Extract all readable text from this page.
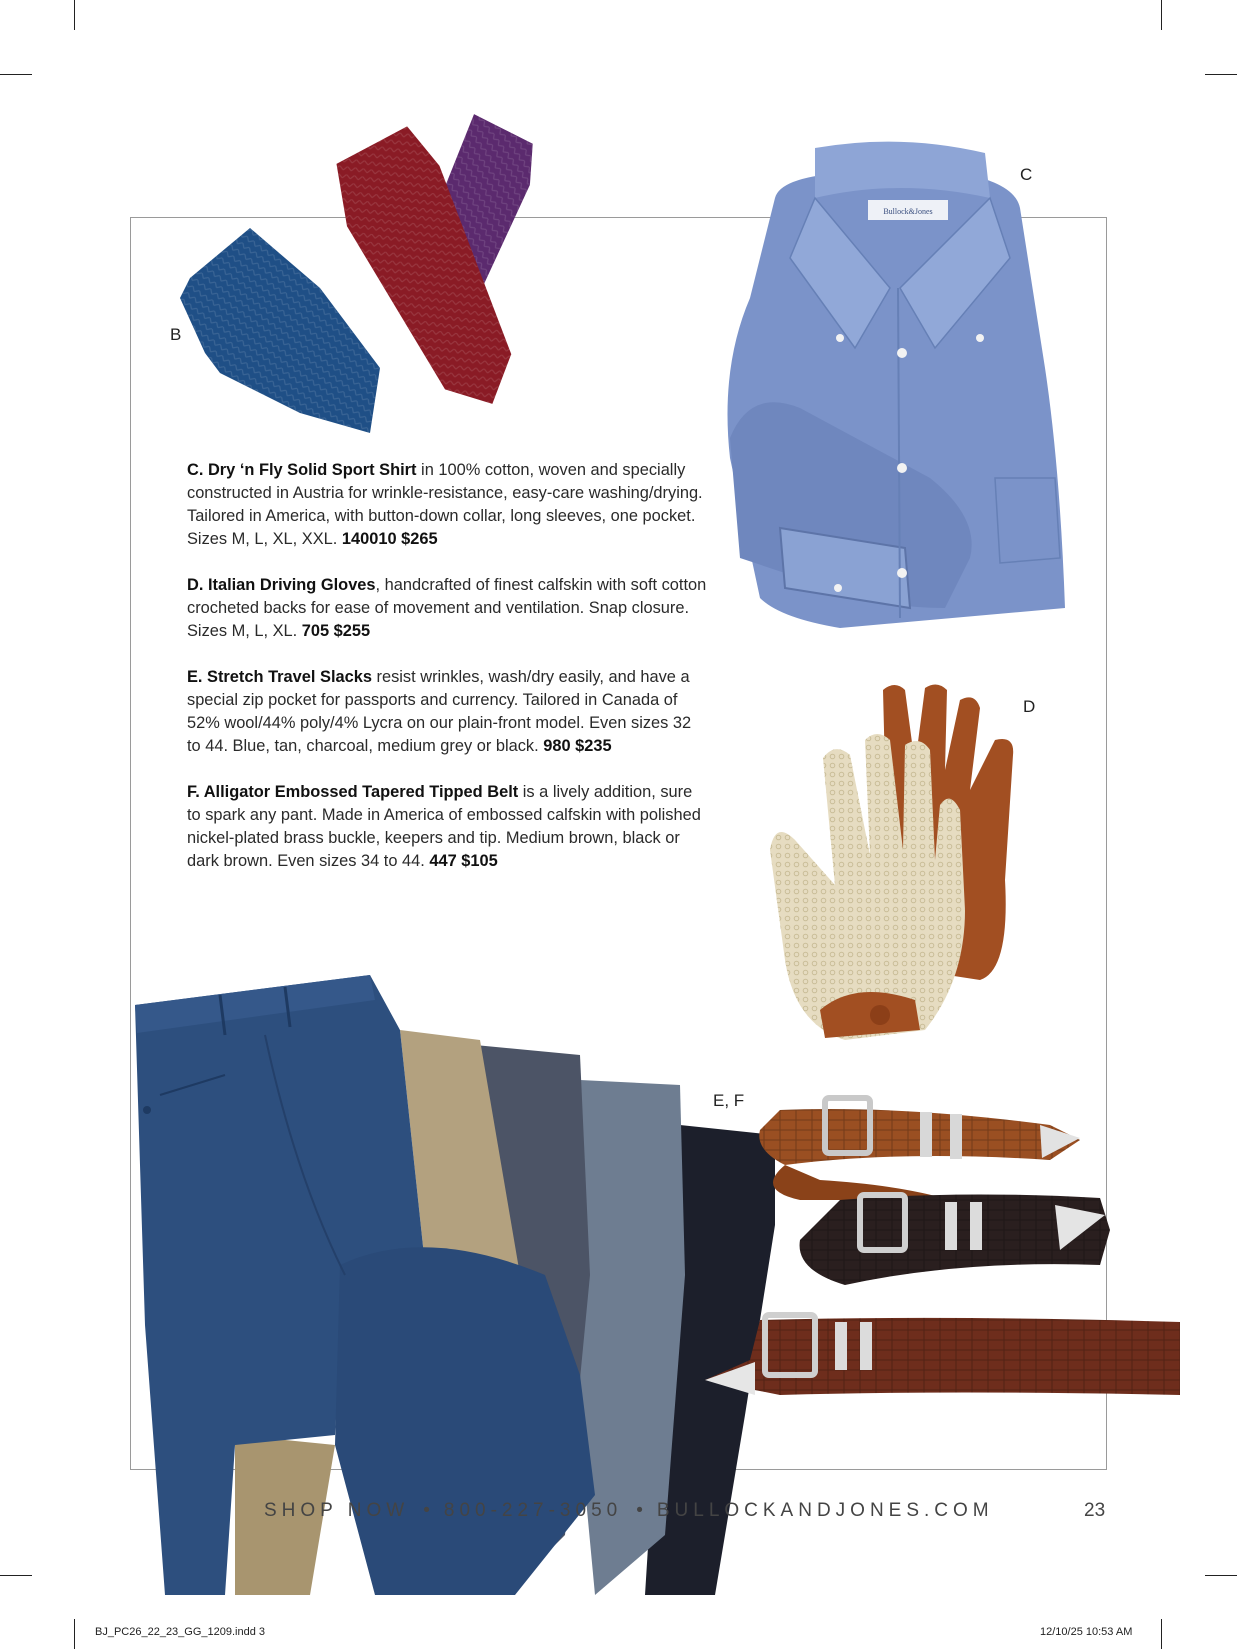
B
Bullock&Jones
C
D

C. Dry ‘n Fly Solid Sport Shirt in 100% cotton, woven and specially constructed in Austria for wrinkle-resistance, easy-care washing/drying. Tailored in America, with button-down collar, long sleeves, one pocket. Sizes M, L, XL, XXL. 140010 $265

D. Italian Driving Gloves, handcrafted of finest calfskin with soft cotton crocheted backs for ease of movement and ventilation. Snap closure. Sizes M, L, XL. 705 $255

E. Stretch Travel Slacks resist wrinkles, wash/dry easily, and have a special zip pocket for passports and currency. Tailored in Canada of 52% wool/44% poly/4% Lycra on our plain-front model. Even sizes 32 to 44. Blue, tan, charcoal, medium grey or black. 980 $235

F. Alligator Embossed Tapered Tipped Belt is a lively addition, sure to spark any pant. Made in America of embossed calfskin with polished nickel-plated brass buckle, keepers and tip. Medium brown, black or dark brown. Even sizes 34 to 44. 447 $105

E, F
SHOP NOW • 800-227-3050 • BULLOCKANDJONES.COM	23
BJ_PC26_22_23_GG_1209.indd 3	12/10/25 10:53 AM
